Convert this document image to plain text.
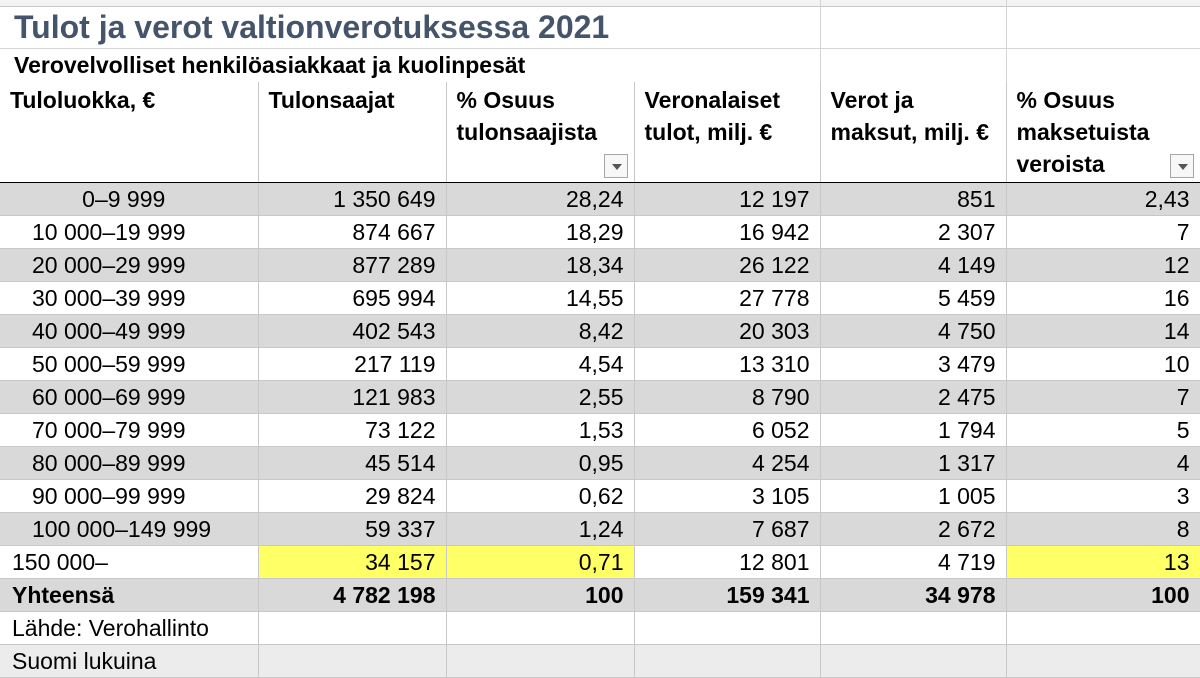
Tulot ja verot valtionverotuksessa 2021
Verovelvolliset henkilöasiakkaat ja kuolinpesät
Tuloluokka, €	Tulonsaajat	% Osuus tulonsaajista	Veronalaiset tulot, milj. €	Verot ja maksut, milj. €	% Osuus maksetuista veroista

0–9 999	1 350 649	28,24	12 197	851	2,43
10 000–19 999	874 667	18,29	16 942	2 307	7
20 000–29 999	877 289	18,34	26 122	4 149	12
30 000–39 999	695 994	14,55	27 778	5 459	16
40 000–49 999	402 543	8,42	20 303	4 750	14
50 000–59 999	217 119	4,54	13 310	3 479	10
60 000–69 999	121 983	2,55	8 790	2 475	7
70 000–79 999	73 122	1,53	6 052	1 794	5
80 000–89 999	45 514	0,95	4 254	1 317	4
90 000–99 999	29 824	0,62	3 105	1 005	3
100 000–149 999	59 337	1,24	7 687	2 672	8
150 000–	34 157	0,71	12 801	4 719	13
Yhteensä	4 782 198	100	159 341	34 978	100
Lähde: Verohallinto					
Suomi lukuina					
